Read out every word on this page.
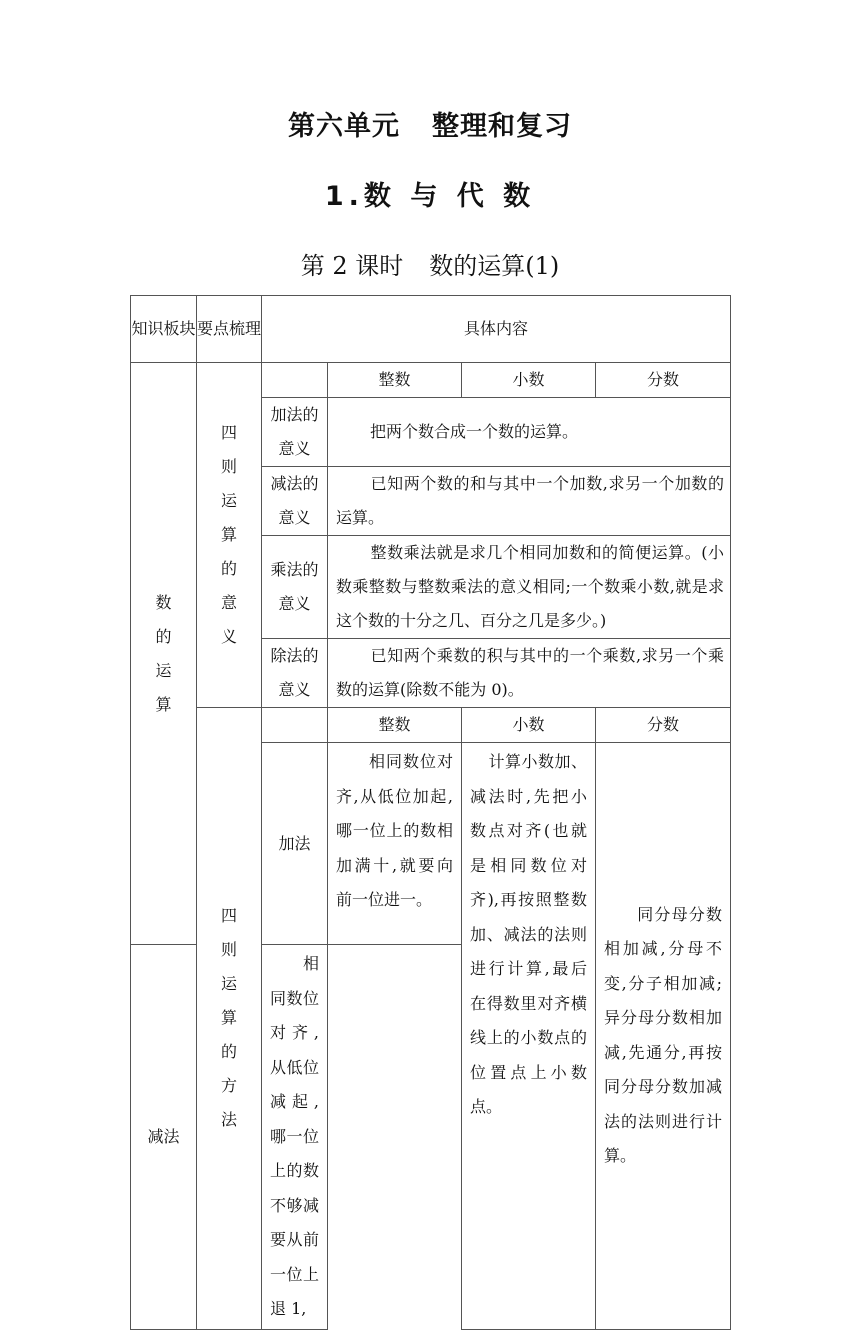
第六单元 整理和复习
1.数 与 代 数
第 2 课时 数的运算(1)
知识板块	要点梳理	具体内容			
数的运算	四则运算的意义		整数	小数	分数
		加法的意义	把两个数合成一个数的运算。		
		减法的意义	已知两个数的和与其中一个加数,求另一个加数的运算。		
		乘法的意义	整数乘法就是求几个相同加数和的简便运算。(小数乘整数与整数乘法的意义相同;一个数乘小数,就是求这个数的十分之几、百分之几是多少。)		
		除法的意义	已知两个乘数的积与其中的一个乘数,求另一个乘数的运算(除数不能为 0)。		
	四则运算的方法		整数	小数	分数
		加法	相同数位对齐,从低位加起,哪一位上的数相加满十,就要向前一位进一。	计算小数加、减法时,先把小数点对齐(也就是相同数位对齐),再按照整数加、减法的法则进行计算,最后在得数里对齐横线上的小数点的位置点上小数点。	同分母分数相加减,分母不变,分子相加减;异分母分数相加减,先通分,再按同分母分数加减法的法则进行计算。
减法		相同数位对齐,从低位减起,哪一位上的数不够减要从前一位上退 1,			
